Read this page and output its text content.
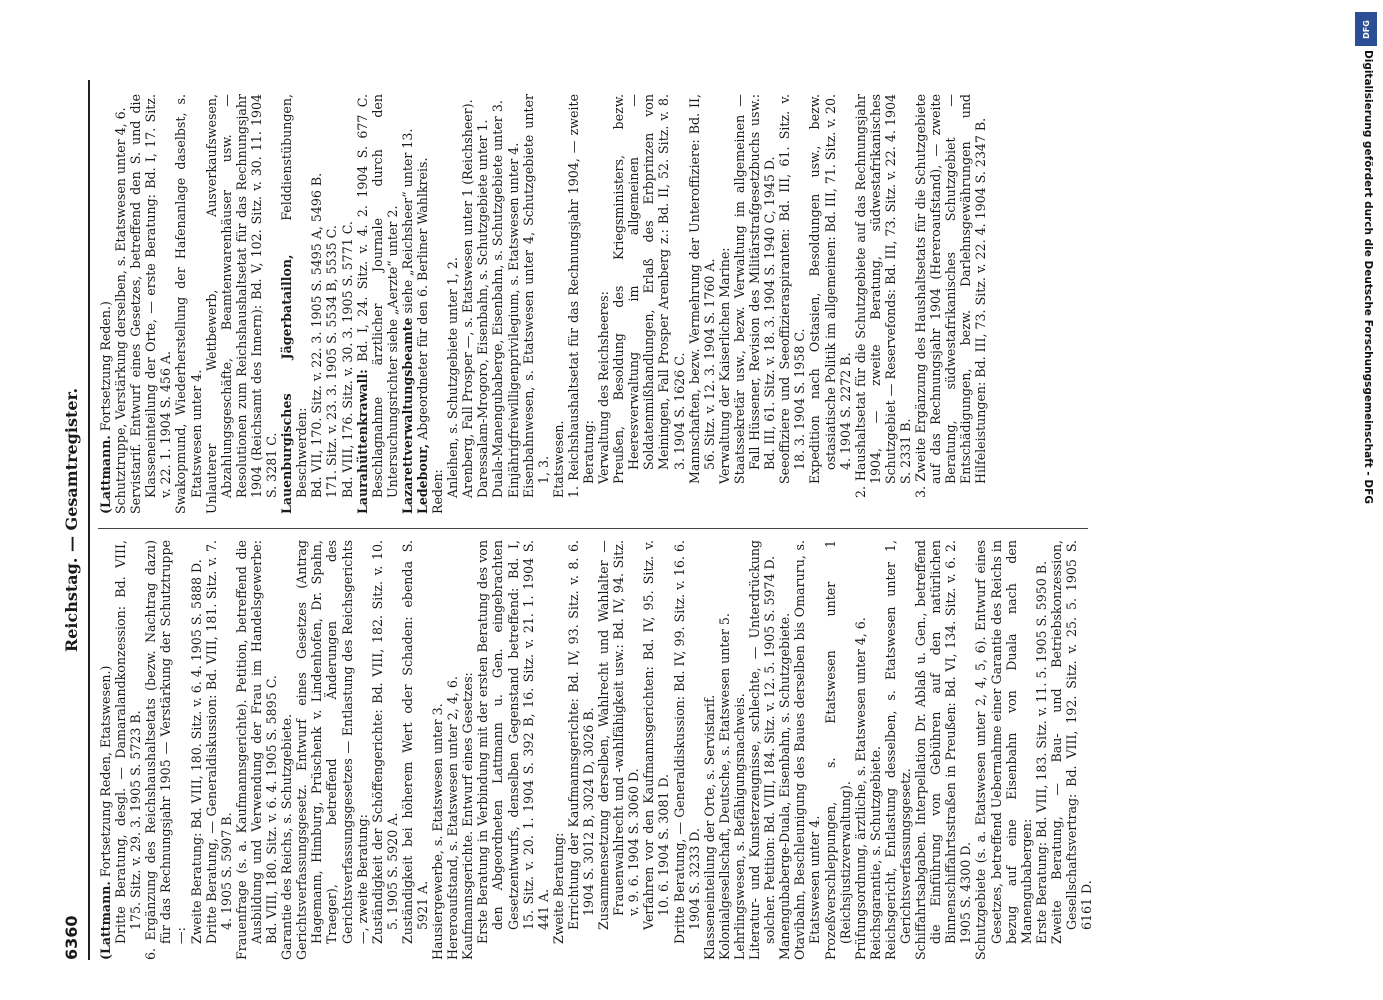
6360
Reichstag. — Gesamtregister.
(Lattmann. Fortsetzung Reden, Etatswesen.) Dritte Beratung, desgl. — Damaralandkonzession: Bd. VIII, 175. Sitz. v. 29. 3. 1905 S. 5723 B. 6. Ergänzung des Reichshaushaltsetats (bezw. Nachtrag dazu) für das Rechnungsjahr 1905 — Verstärkung der Schutztruppe —: Zweite Beratung: Bd. VIII, 180. Sitz. v. 6. 4. 1905 S. 5888 D. Dritte Beratung, — Generaldiskussion: Bd. VIII, 181. Sitz. v. 7. 4. 1905 S. 5907 B. Frauenfrage (s. a. Kaufmannsgerichte). Petition, betreffend die Ausbildung und Verwendung der Frau im Handelsgewerbe: Bd. VIII, 180. Sitz. v. 6. 4. 1905 S. 5895 C. Garantie des Reichs, s. Schutzgebiete. Gerichtsverfassungsgesetz. Entwurf eines Gesetzes (Antrag Hagemann, Himburg, Prüschenk v. Lindenhofen, Dr. Spahn, Traeger), betreffend Änderungen des Gerichtsverfassungsgesetzes — Entlastung des Reichsgerichts —, zweite Beratung: Zuständigkeit der Schöffengerichte: Bd. VIII, 182. Sitz. v. 10. 5. 1905 S. 5920 A. Zuständigkeit bei höherem Wert oder Schaden: ebenda S. 5921 A. Hausiergewerbe, s. Etatswesen unter 3. Hereroaufstand, s. Etatswesen unter 2, 4, 6. Kaufmannsgerichte. Entwurf eines Gesetzes: Erste Beratung in Verbindung mit der ersten Beratung des von den Abgeordneten Lattmann u. Gen. eingebrachten Gesetzentwurfs, denselben Gegenstand betreffend: Bd. I, 15. Sitz. v. 20. 1. 1904 S. 392 B, 16. Sitz. v. 21. 1. 1904 S. 441 A. Zweite Beratung: Errichtung der Kaufmannsgerichte: Bd. IV, 93. Sitz. v. 8. 6. 1904 S. 3012 B, 3024 D, 3026 B. Zusammensetzung derselben, Wahlrecht und Wahlalter — Frauenwahlrecht und -wahlfähigkeit usw.: Bd. IV, 94. Sitz. v. 9. 6. 1904 S. 3060 D. Verfahren vor den Kaufmannsgerichten: Bd. IV, 95. Sitz. v. 10. 6. 1904 S. 3081 D. Dritte Beratung, — Generaldiskussion: Bd. IV, 99. Sitz. v. 16. 6. 1904 S. 3233 D. Klasseneinteilung der Orte, s. Servistarif. Kolonialgesellschaft, Deutsche, s. Etatswesen unter 5. Lehrlingswesen, s. Befähigungsnachweis. Literatur- und Kunsterzeugnisse, schlechte, — Unterdrückung solcher. Petition: Bd. VIII, 184. Sitz. v. 12. 5. 1905 S. 5974 D. Manengubaberge-Duala, Eisenbahn, s. Schutzgebiete. Otavibahn, Beschleunigung des Baues derselben bis Omaruru, s. Etatswesen unter 4. Prozeßverschleppungen, s. Etatswesen unter 1 (Reichsjustizverwaltung). Prüfungsordnung, ärztliche, s. Etatswesen unter 4, 6. Reichsgarantie, s. Schutzgebiete. Reichsgericht, Entlastung desselben, s. Etatswesen unter 1, Gerichtsverfassungsgesetz. Schiffahrtsabgaben. Interpellation Dr. Ablaß u. Gen., betreffend die Einführung von Gebühren auf den natürlichen Binnenschiffahrtsstraßen in Preußen: Bd. VI, 134. Sitz. v. 6. 2. 1905 S. 4300 D. Schutzgebiete (s. a. Etatswesen unter 2, 4, 5, 6). Entwurf eines Gesetzes, betreffend Uebernahme einer Garantie des Reichs in bezug auf eine Eisenbahn von Duala nach den Manengubabergen: Erste Beratung: Bd. VIII, 183. Sitz. v. 11. 5. 1905 S. 5950 B. Zweite Beratung, — Bau- und Betriebskonzession, Gesellschaftsvertrag: Bd. VIII, 192. Sitz. v. 25. 5. 1905 S. 6161 D.
(Lattmann. Fortsetzung Reden.) Schutztruppe, Verstärkung derselben, s. Etatswesen unter 4, 6. Servistarif. Entwurf eines Gesetzes, betreffend den S. und die Klasseneinteilung der Orte, — erste Beratung: Bd. I, 17. Sitz. v. 22. 1. 1904 S. 456 A. Swakopmund, Wiederherstellung der Hafenanlage daselbst, s. Etatswesen unter 4. Unlauterer Wettbewerb, Ausverkaufswesen, Abzahlungsgeschäfte, Beamtenwarenhäuser usw. — Resolutionen zum Reichshaushaltsetat für das Rechnungsjahr 1904 (Reichsamt des Innern): Bd. V, 102. Sitz. v. 30. 11. 1904 S. 3281 C. Lauenburgisches Jägerbataillon, Felddienstübungen, Beschwerden: Bd. VII, 170. Sitz. v. 22. 3. 1905 S. 5495 A, 5496 B. 171. Sitz. v. 23. 3. 1905 S. 5534 B, 5535 C. Bd. VIII, 176. Sitz. v. 30. 3. 1905 S. 5771 C. Laurahüttenkrawall: Bd. I, 24. Sitz. v. 4. 2. 1904 S. 677 C. Beschlagnahme ärztlicher Journale durch den Untersuchungsrichter siehe „Aerzte“ unter 2. Lazarettverwaltungsbeamte siehe „Reichsheer“ unter 13.
Ledebour, Abgeordneter für den 6. Berliner Wahlkreis.
Reden: Anleihen, s. Schutzgebiete unter 1, 2. Arenberg, Fall Prosper —, s. Etatswesen unter 1 (Reichsheer). Daressalam-Mrogoro, Eisenbahn, s. Schutzgebiete unter 1. Duala-Manengubaberge, Eisenbahn, s. Schutzgebiete unter 3. Einjährigfreiwilligenprivilegium, s. Etatswesen unter 4. Eisenbahnwesen, s. Etatswesen unter 4, Schutzgebiete unter 1, 3. Etatswesen. 1. Reichshaushaltsetat für das Rechnungsjahr 1904, — zweite Beratung: Verwaltung des Reichsheeres: Preußen, Besoldung des Kriegsministers, bezw. Heeresverwaltung im allgemeinen — Soldatenmißhandlungen, Erlaß des Erbprinzen von Meiningen, Fall Prosper Arenberg z.: Bd. II, 52. Sitz. v. 8. 3. 1904 S. 1626 C. Mannschaften, bezw. Vermehrung der Unteroffiziere: Bd. II, 56. Sitz. v. 12. 3. 1904 S. 1760 A. Verwaltung der Kaiserlichen Marine: Staatssekretär usw., bezw. Verwaltung im allgemeinen — Fall Hüssener, Revision des Militärstrafgesetzbuchs usw.: Bd. III, 61. Sitz. v. 18. 3. 1904 S. 1940 C, 1945 D. Seeoffiziere und Seeoffizieraspiranten: Bd. III, 61. Sitz. v. 18. 3. 1904 S. 1958 C. Expedition nach Ostasien, Besoldungen usw., bezw. ostasiatische Politik im allgemeinen: Bd. III, 71. Sitz. v. 20. 4. 1904 S. 2272 B. 2. Haushaltsetat für die Schutzgebiete auf das Rechnungsjahr 1904, — zweite Beratung, südwestafrikanisches Schutzgebiet — Reservefonds: Bd. III, 73. Sitz. v. 22. 4. 1904 S. 2331 B. 3. Zweite Ergänzung des Haushaltsetats für die Schutzgebiete auf das Rechnungsjahr 1904 (Hereroaufstand), — zweite Beratung, südwestafrikanisches Schutzgebiet — Entschädigungen, bezw. Darlehnsgewährungen und Hilfeleistungen: Bd. III, 73. Sitz. v. 22. 4. 1904 S. 2347 B.
DFG
Digitalisierung gefördert durch die Deutsche Forschungsgemeinschaft - DFG
